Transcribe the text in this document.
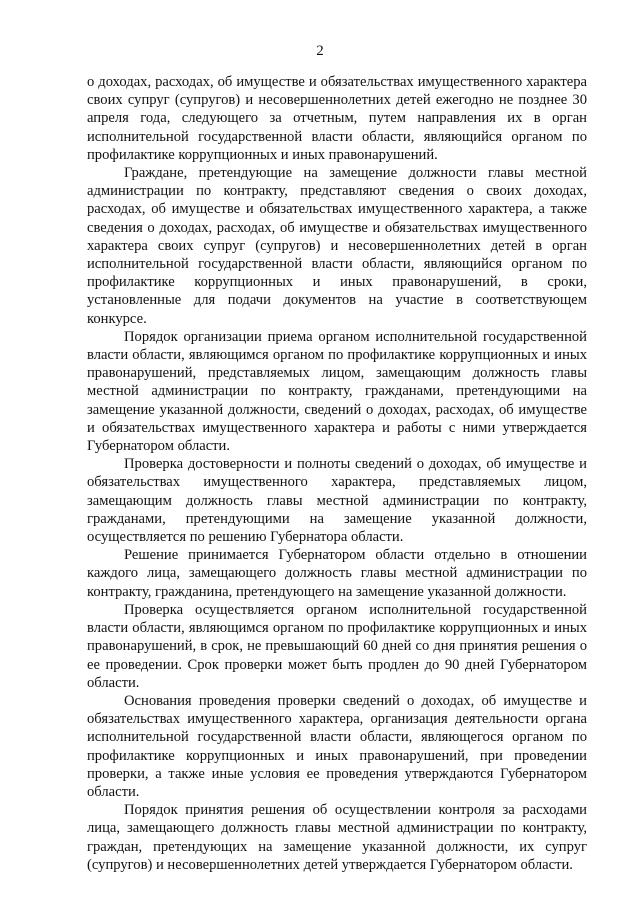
2

о доходах, расходах, об имуществе и обязательствах имущественного характера своих супруг (супругов) и несовершеннолетних детей ежегодно не позднее 30 апреля года, следующего за отчетным, путем направления их в орган исполнительной государственной власти области, являющийся органом по профилактике коррупционных и иных правонарушений.

Граждане, претендующие на замещение должности главы местной администрации по контракту, представляют сведения о своих доходах, расходах, об имуществе и обязательствах имущественного характера, а также сведения о доходах, расходах, об имуществе и обязательствах имущественного характера своих супруг (супругов) и несовершеннолетних детей в орган исполнительной государственной власти области, являющийся органом по профилактике коррупционных и иных правонарушений, в сроки, установленные для подачи документов на участие в соответствующем конкурсе.

Порядок организации приема органом исполнительной государственной власти области, являющимся органом по профилактике коррупционных и иных правонарушений, представляемых лицом, замещающим должность главы местной администрации по контракту, гражданами, претендующими на замещение указанной должности, сведений о доходах, расходах, об имуществе и обязательствах имущественного характера и работы с ними утверждается Губернатором области.

Проверка достоверности и полноты сведений о доходах, об имуществе и обязательствах имущественного характера, представляемых лицом, замещающим должность главы местной администрации по контракту, гражданами, претендующими на замещение указанной должности, осуществляется по решению Губернатора области.

Решение принимается Губернатором области отдельно в отношении каждого лица, замещающего должность главы местной администрации по контракту, гражданина, претендующего на замещение указанной должности.

Проверка осуществляется органом исполнительной государственной власти области, являющимся органом по профилактике коррупционных и иных правонарушений, в срок, не превышающий 60 дней со дня принятия решения о ее проведении. Срок проверки может быть продлен до 90 дней Губернатором области.

Основания проведения проверки сведений о доходах, об имуществе и обязательствах имущественного характера, организация деятельности органа исполнительной государственной власти области, являющегося органом по профилактике коррупционных и иных правонарушений, при проведении проверки, а также иные условия ее проведения утверждаются Губернатором области.

Порядок принятия решения об осуществлении контроля за расходами лица, замещающего должность главы местной администрации по контракту, граждан, претендующих на замещение указанной должности, их супруг (супругов) и несовершеннолетних детей утверждается Губернатором области.
